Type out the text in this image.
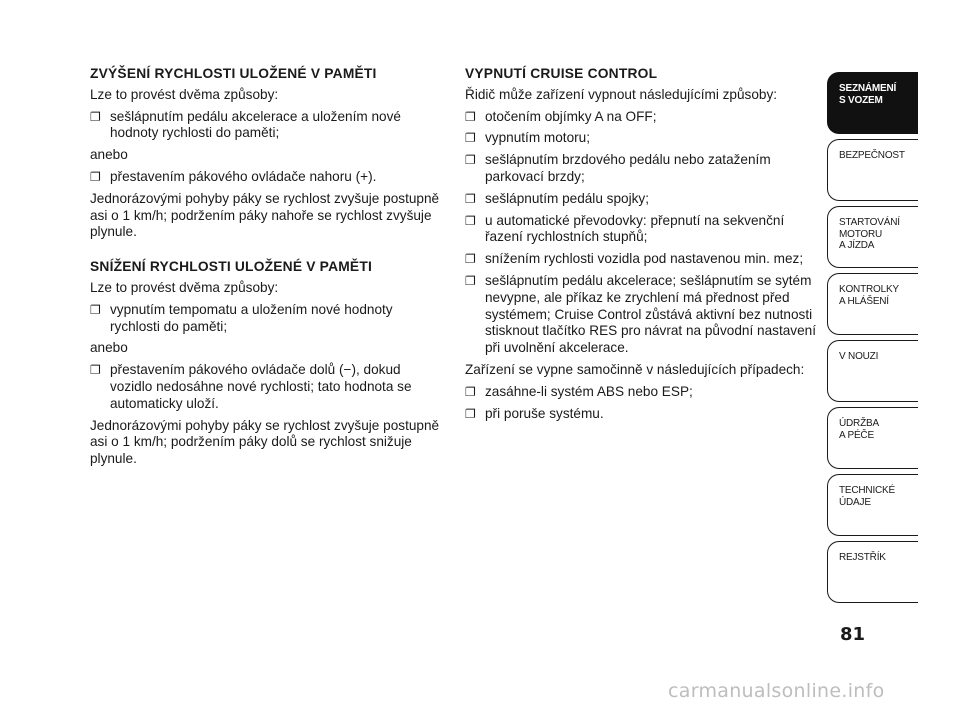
ZVÝŠENÍ RYCHLOSTI ULOŽENÉ V PAMĚTI
Lze to provést dvěma způsoby:
❐ sešlápnutím pedálu akcelerace a uložením nové hodnoty rychlosti do paměti;
anebo
❐ přestavením pákového ovládače nahoru (+).
Jednorázovými pohyby páky se rychlost zvyšuje postupně asi o 1 km/h; podržením páky nahoře se rychlost zvyšuje plynule.
SNÍŽENÍ RYCHLOSTI ULOŽENÉ V PAMĚTI
Lze to provést dvěma způsoby:
❐ vypnutím tempomatu a uložením nové hodnoty rychlosti do paměti;
anebo
❐ přestavením pákového ovládače dolů (−), dokud vozidlo nedosáhne nové rychlosti; tato hodnota se automaticky uloží.
Jednorázovými pohyby páky se rychlost zvyšuje postupně asi o 1 km/h; podržením páky dolů se rychlost snižuje plynule.
VYPNUTÍ CRUISE CONTROL
Řidič může zařízení vypnout následujícími způsoby:
❐ otočením objímky A na OFF;
❐ vypnutím motoru;
❐ sešlápnutím brzdového pedálu nebo zatažením parkovací brzdy;
❐ sešlápnutím pedálu spojky;
❐ u automatické převodovky: přepnutí na sekvenční řazení rychlostních stupňů;
❐ snížením rychlosti vozidla pod nastavenou min. mez;
❐ sešlápnutím pedálu akcelerace; sešlápnutím se sytém nevypne, ale příkaz ke zrychlení má přednost před systémem; Cruise Control zůstává aktivní bez nutnosti stisknout tlačítko RES pro návrat na původní nastavení při uvolnění akcelerace.
Zařízení se vypne samočinně v následujících případech:
❐ zasáhne-li systém ABS nebo ESP;
❐ při poruše systému.
SEZNÁMENÍ
S VOZEM
BEZPEČNOST
STARTOVÁNÍ
MOTORU
A JÍZDA
KONTROLKY
A HLÁŠENÍ
V NOUZI
ÚDRŽBA
A PÉČE
TECHNICKÉ
ÚDAJE
REJSTŘÍK
81
carmanualsonline.info
